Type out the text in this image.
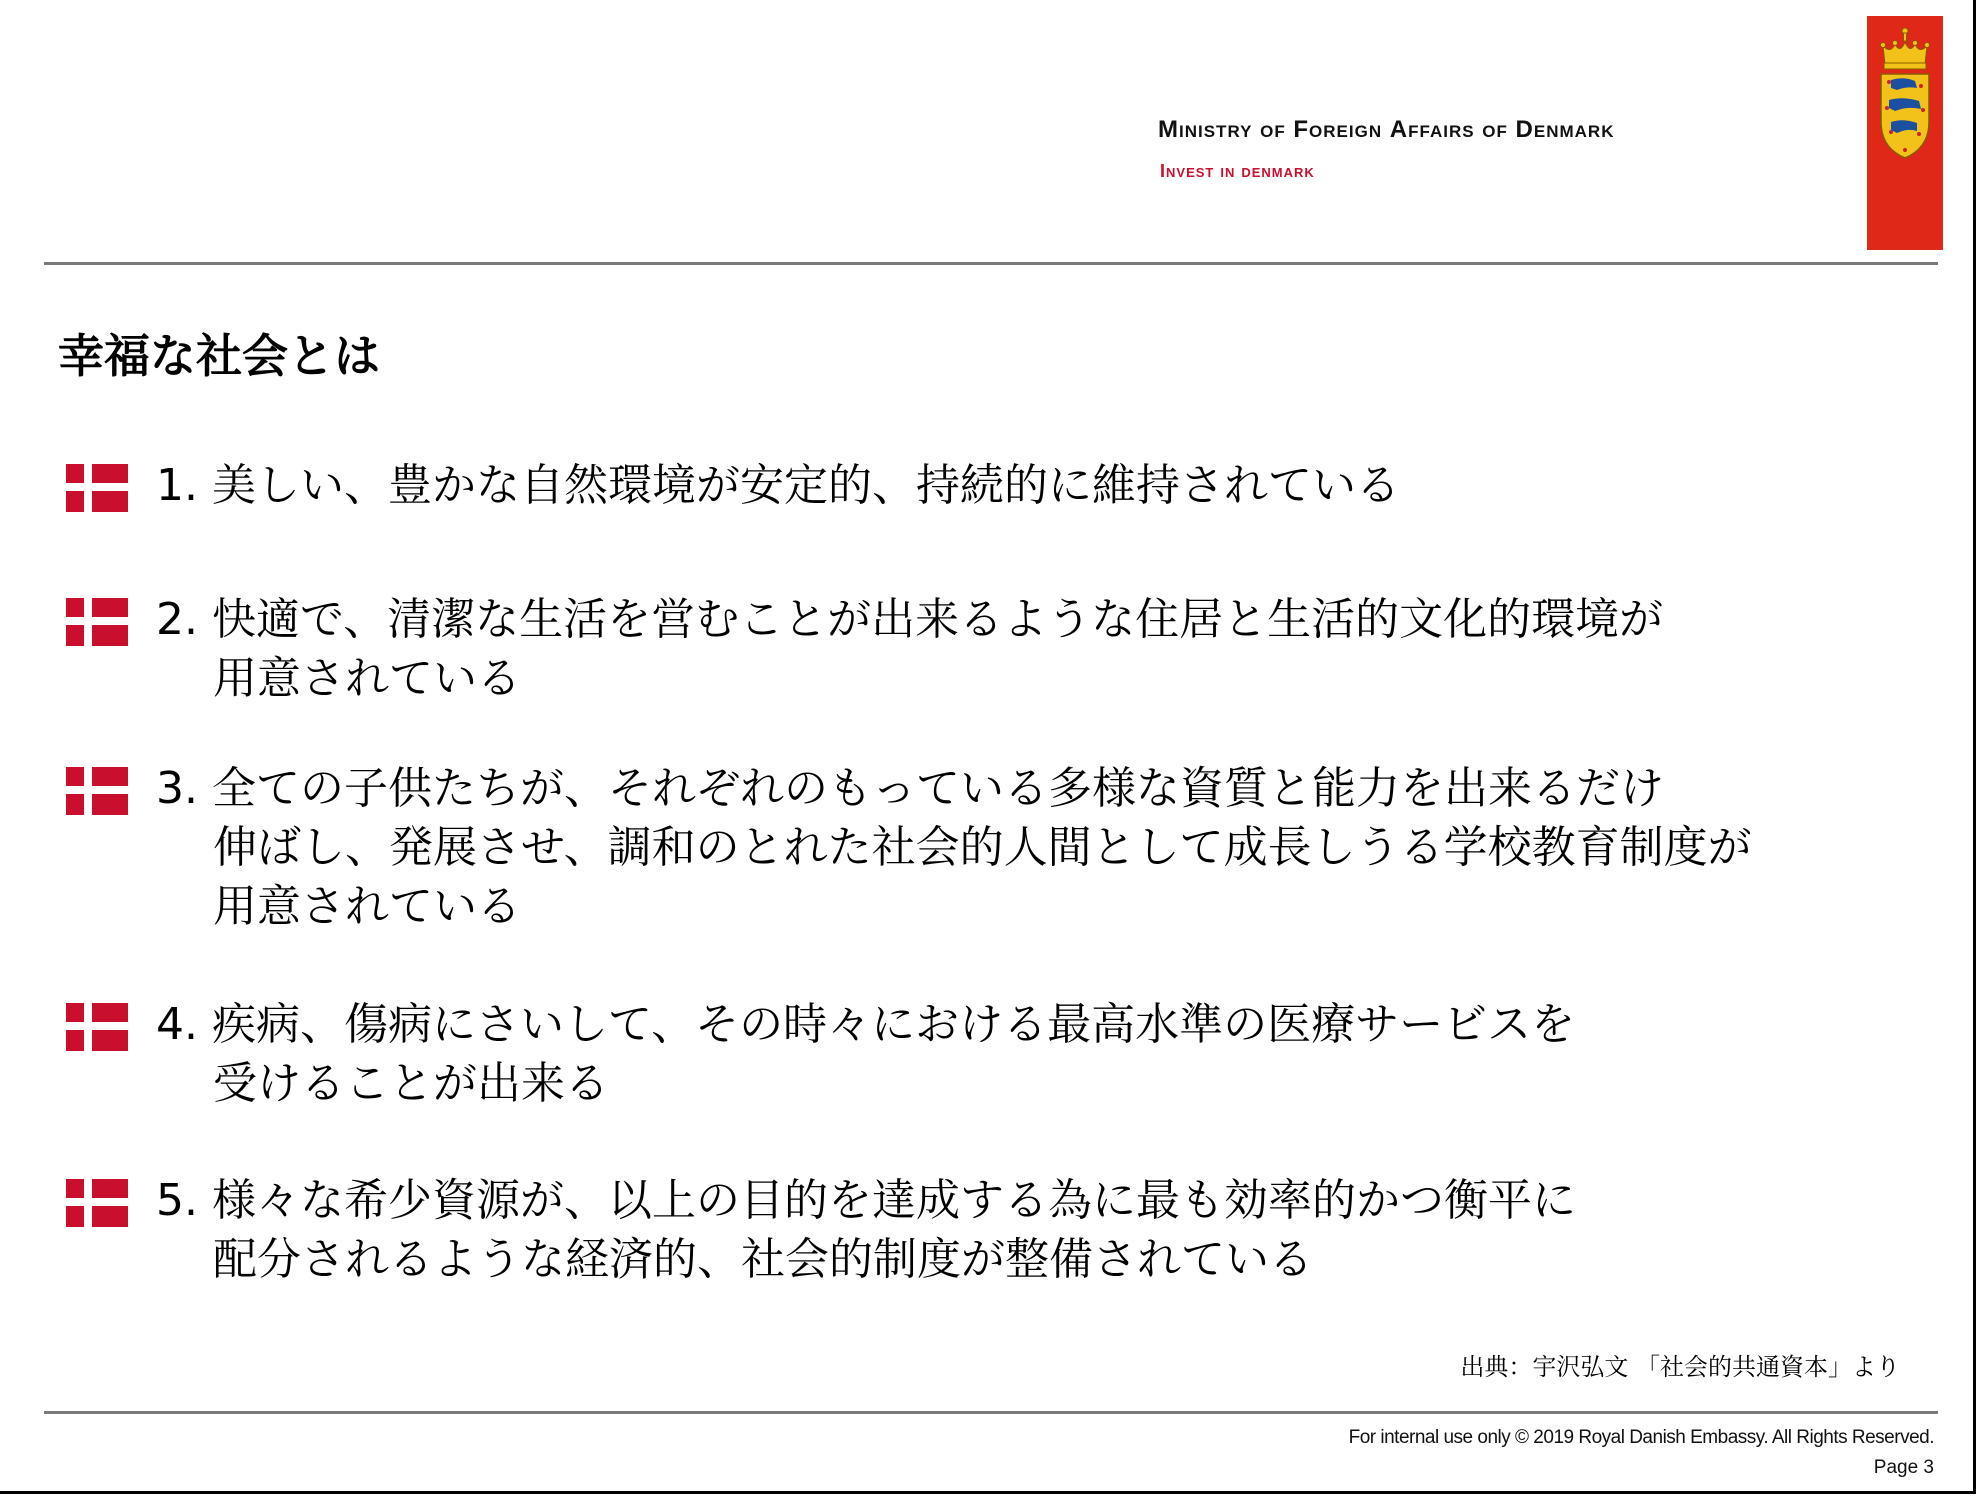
Ministry of Foreign Affairs of Denmark
Invest in denmark
幸福な社会とは
1. 美しい、豊かな自然環境が安定的、持続的に維持されている
2. 快適で、清潔な生活を営むことが出来るような住居と生活的文化的環境が
用意されている
3. 全ての子供たちが、それぞれのもっている多様な資質と能力を出来るだけ
伸ばし、発展させ、調和のとれた社会的人間として成長しうる学校教育制度が
用意されている
4. 疾病、傷病にさいして、その時々における最高水準の医療サービスを
受けることが出来る
5. 様々な希少資源が、以上の目的を達成する為に最も効率的かつ衡平に
配分されるような経済的、社会的制度が整備されている
出典：宇沢弘文 「社会的共通資本」より
For internal use only © 2019 Royal Danish Embassy. All Rights Reserved.
Page 3
